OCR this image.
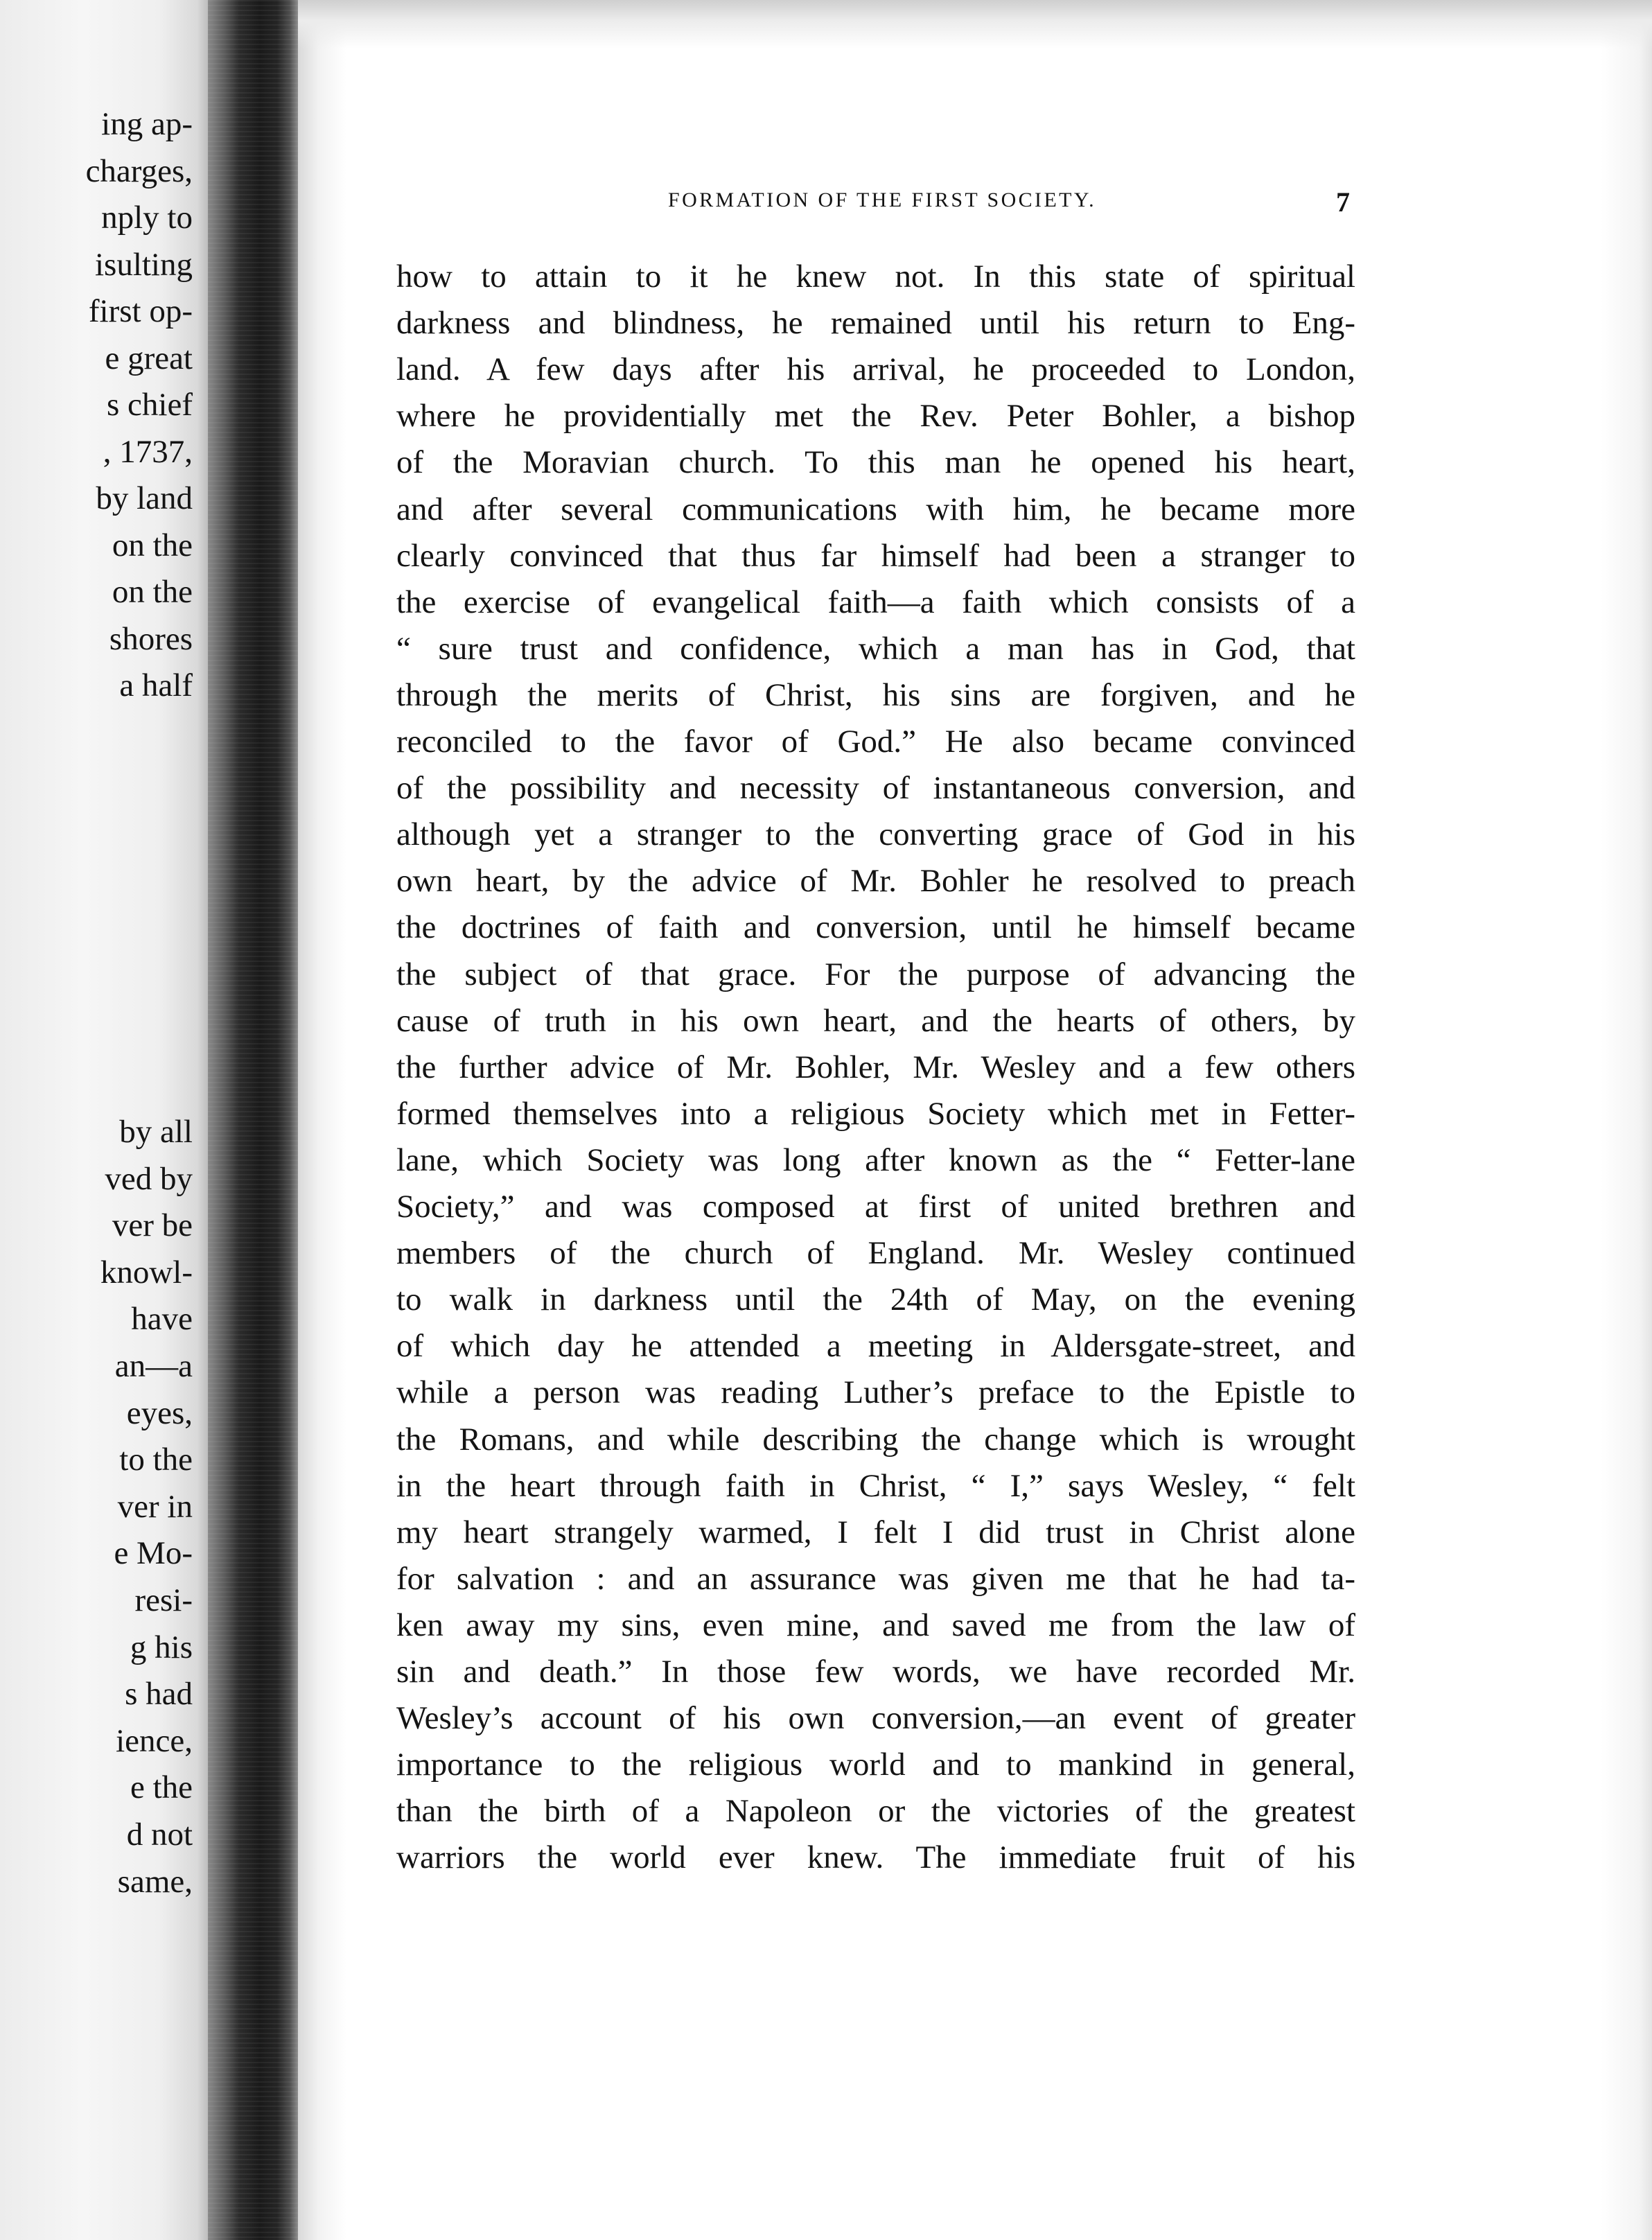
ing ap-
charges,
nply to
isulting
first op-
e great
s chief
, 1737,
by land
on the
on the
shores
a half
by all
ved by
ver be
knowl-
have
an—a
eyes,
to the
ver in
e Mo-
resi-
g his
s had
ience,
e the
d not
same,
FORMATION OF THE FIRST SOCIETY.	7
how to attain to it he knew not. In this state of spiritual
darkness and blindness, he remained until his return to Eng-
land. A few days after his arrival, he proceeded to London,
where he providentially met the Rev. Peter Bohler, a bishop
of the Moravian church. To this man he opened his heart,
and after several communications with him, he became more
clearly convinced that thus far himself had been a stranger to
the exercise of evangelical faith—a faith which consists of a
“ sure trust and confidence, which a man has in God, that
through the merits of Christ, his sins are forgiven, and he
reconciled to the favor of God.” He also became convinced
of the possibility and necessity of instantaneous conversion, and
although yet a stranger to the converting grace of God in his
own heart, by the advice of Mr. Bohler he resolved to preach
the doctrines of faith and conversion, until he himself became
the subject of that grace. For the purpose of advancing the
cause of truth in his own heart, and the hearts of others, by
the further advice of Mr. Bohler, Mr. Wesley and a few others
formed themselves into a religious Society which met in Fetter-
lane, which Society was long after known as the “ Fetter-lane
Society,” and was composed at first of united brethren and
members of the church of England. Mr. Wesley continued
to walk in darkness until the 24th of May, on the evening
of which day he attended a meeting in Aldersgate-street, and
while a person was reading Luther’s preface to the Epistle to
the Romans, and while describing the change which is wrought
in the heart through faith in Christ, “ I,” says Wesley, “ felt
my heart strangely warmed, I felt I did trust in Christ alone
for salvation : and an assurance was given me that he had ta-
ken away my sins, even mine, and saved me from the law of
sin and death.” In those few words, we have recorded Mr.
Wesley’s account of his own conversion,—an event of greater
importance to the religious world and to mankind in general,
than the birth of a Napoleon or the victories of the greatest
warriors the world ever knew. The immediate fruit of his
